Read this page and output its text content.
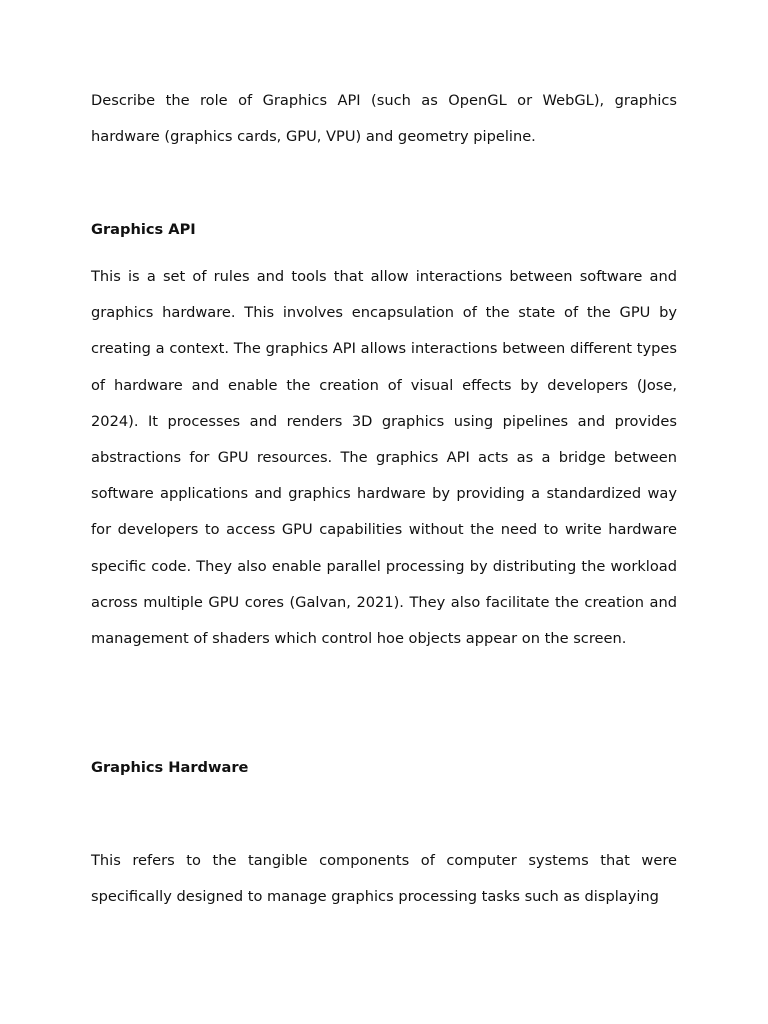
Describe the role of Graphics API (such as OpenGL or WebGL), graphics hardware (graphics cards, GPU, VPU) and geometry pipeline.

Graphics API

This is a set of rules and tools that allow interactions between software and graphics hardware. This involves encapsulation of the state of the GPU by creating a context. The graphics API allows interactions between different types of hardware and enable the creation of visual effects by developers (Jose, 2024). It processes and renders 3D graphics using pipelines and provides abstractions for GPU resources. The graphics API acts as a bridge between software applications and graphics hardware by providing a standardized way for developers to access GPU capabilities without the need to write hardware specific code. They also enable parallel processing by distributing the workload across multiple GPU cores (Galvan, 2021). They also facilitate the creation and management of shaders which control hoe objects appear on the screen.

Graphics Hardware

This refers to the tangible components of computer systems that were specifically designed to manage graphics processing tasks such as displaying
